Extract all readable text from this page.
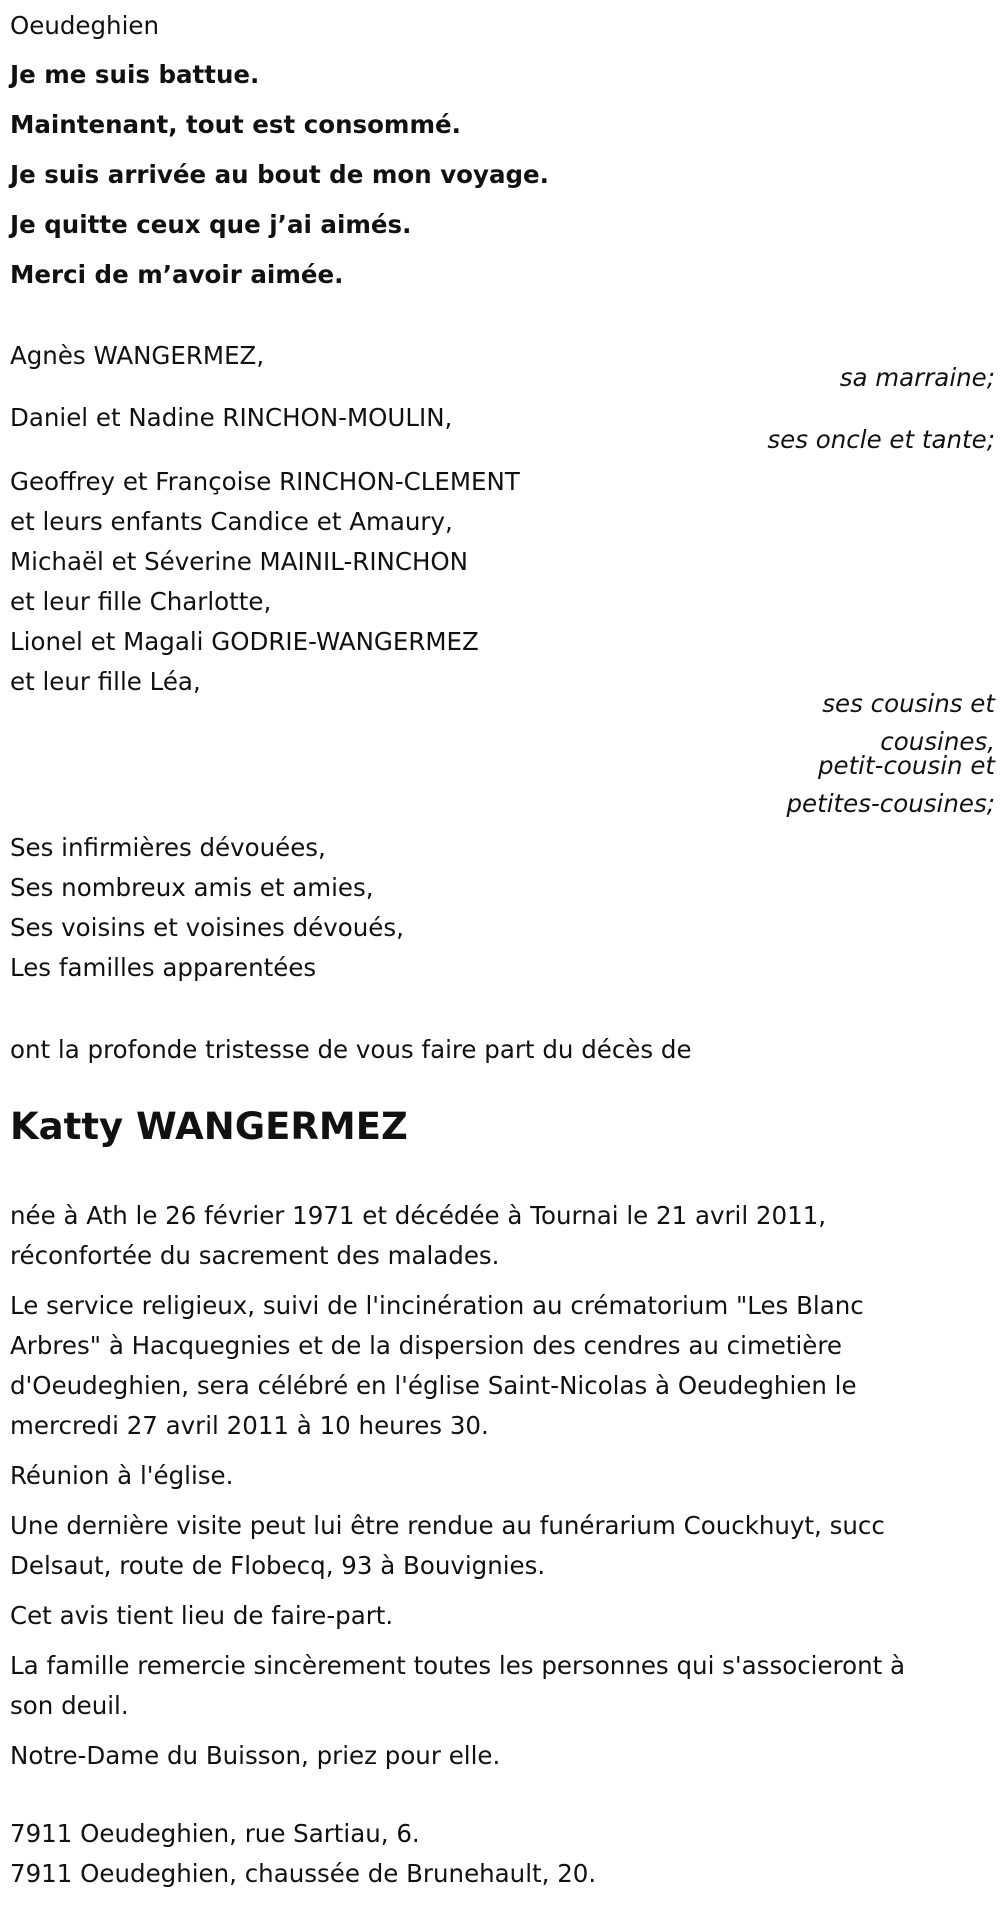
Oeudeghien
Je me suis battue.
Maintenant, tout est consommé.
Je suis arrivée au bout de mon voyage.
Je quitte ceux que j’ai aimés.
Merci de m’avoir aimée.
Agnès WANGERMEZ,
sa marraine;
Daniel et Nadine RINCHON-MOULIN,
ses oncle et tante;
Geoffrey et Françoise RINCHON-CLEMENT
et leurs enfants Candice et Amaury,
Michaël et Séverine MAINIL-RINCHON
et leur fille Charlotte,
Lionel et Magali GODRIE-WANGERMEZ
et leur fille Léa,
ses cousins et
cousines,
petit-cousin et
petites-cousines;
Ses infirmières dévouées,
Ses nombreux amis et amies,
Ses voisins et voisines dévoués,
Les familles apparentées
ont la profonde tristesse de vous faire part du décès de
Katty WANGERMEZ
née à Ath le 26 février 1971 et décédée à Tournai le 21 avril 2011,
réconfortée du sacrement des malades.
Le service religieux, suivi de l'incinération au crématorium "Les Blanc
Arbres" à Hacquegnies et de la dispersion des cendres au cimetière
d'Oeudeghien, sera célébré en l'église Saint-Nicolas à Oeudeghien le
mercredi 27 avril 2011 à 10 heures 30.
Réunion à l'église.
Une dernière visite peut lui être rendue au funérarium Couckhuyt, succ
Delsaut, route de Flobecq, 93 à Bouvignies.
Cet avis tient lieu de faire-part.
La famille remercie sincèrement toutes les personnes qui s'associeront à
son deuil.
Notre-Dame du Buisson, priez pour elle.
7911 Oeudeghien, rue Sartiau, 6.
7911 Oeudeghien, chaussée de Brunehault, 20.
